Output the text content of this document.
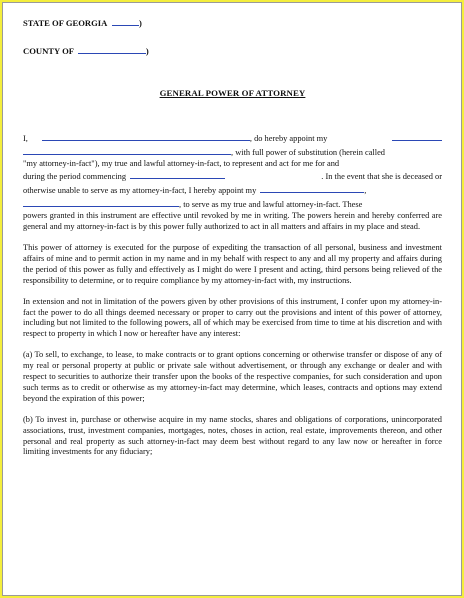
STATE OF GEORGIA	)
COUNTY OF	)
GENERAL POWER OF ATTORNEY
I,	, do hereby appoint my
, with full power of substitution (herein called

"my attorney-in-fact"), my true and lawful attorney-in-fact, to represent and act for me for and

during the period commencing	. In the event that she is deceased or
otherwise unable to serve as my attorney-in-fact, I hereby appoint my	,
, to serve as my true and lawful attorney-in-fact. These

powers granted in this instrument are effective until revoked by me in writing. The powers herein and hereby conferred are general and my attorney-in-fact is by this power fully authorized to act in all matters and affairs in my place and stead.

This power of attorney is executed for the purpose of expediting the transaction of all personal, business and investment affairs of mine and to permit action in my name and in my behalf with respect to any and all my property and affairs during the period of this power as fully and effectively as I might do were I present and acting, third persons being relieved of the responsibility to determine, or to require compliance by my attorney-in-fact with, my instructions.

In extension and not in limitation of the powers given by other provisions of this instrument, I confer upon my attorney-in-fact the power to do all things deemed necessary or proper to carry out the provisions and intent of this power of attorney, including but not limited to the following powers, all of which may be exercised from time to time at his discretion and with respect to property in which I now or hereafter have any interest:

(a) To sell, to exchange, to lease, to make contracts or to grant options concerning or otherwise transfer or dispose of any of my real or personal property at public or private sale without advertisement, or through any exchange or dealer and with respect to securities to authorize their transfer upon the books of the respective companies, for such consideration and upon such terms as to credit or otherwise as my attorney-in-fact may determine, which leases, contracts and options may extend beyond the expiration of this power;

(b) To invest in, purchase or otherwise acquire in my name stocks, shares and obligations of corporations, unincorporated associations, trust, investment companies, mortgages, notes, choses in action, real estate, improvements thereon, and other personal and real property as such attorney-in-fact may deem best without regard to any law now or hereafter in force limiting investments for any fiduciary;
